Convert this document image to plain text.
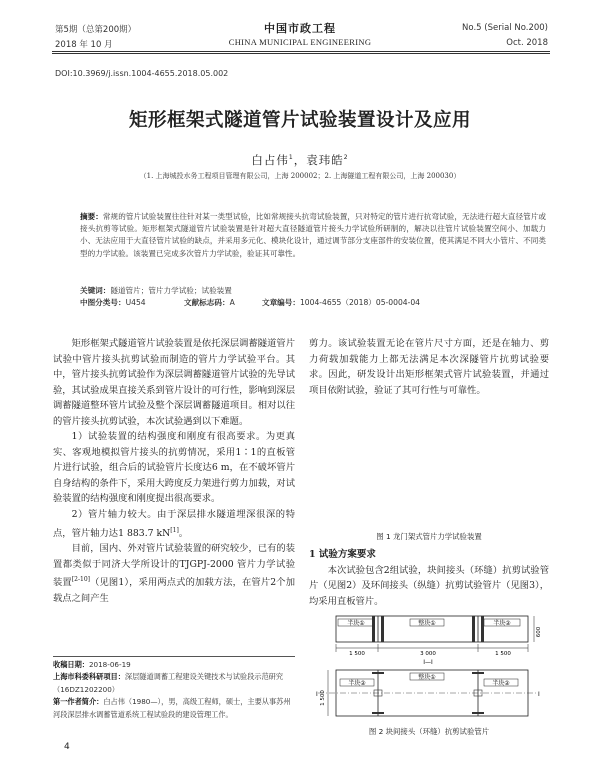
第5期（总第200期）
2018 年 10 月
中国市政工程
CHINA MUNICIPAL ENGINEERING
No.5 (Serial No.200)
Oct. 2018
DOI:10.3969/j.issn.1004-4655.2018.05.002
矩形框架式隧道管片试验装置设计及应用
白占伟$^1$，袁玮皓$^2$
（1. 上海城投水务工程项目管理有限公司，上海 200002；2. 上海隧道工程有限公司，上海 200030）
摘要：常规的管片试验装置往往针对某一类型试验，比如常规接头抗弯试验装置，只对特定的管片进行抗弯试验，无法进行超大直径管片或接头抗剪等试验。矩形框架式隧道管片试验装置是针对超大直径隧道管片接头力学试验所研制的，解决以往管片试验装置空间小、加载力小、无法应用于大直径管片试验的缺点，并采用多元化、模块化设计，通过调节部分支座部件的安装位置，使其满足不同大小管片、不同类型的力学试验。该装置已完成多次管片力学试验，验证其可靠性。
关键词：隧道管片；管片力学试验；试验装置
中图分类号：U454	文献标志码：A	文章编号：1004-4655（2018）05-0004-04

矩形框架式隧道管片试验装置是依托深层调蓄隧道管片试验中管片接头抗剪试验而制造的管片力学试验平台。其中，管片接头抗剪试验作为深层调蓄隧道管片试验的先导试验，其试验成果直接关系到管片设计的可行性，影响到深层调蓄隧道整环管片试验及整个深层调蓄隧道项目。相对以往的管片接头抗剪试验，本次试验遇到以下难题。

1）试验装置的结构强度和刚度有很高要求。为更真实、客观地模拟管片接头的抗剪情况，采用1∶1的直板管片进行试验，组合后的试验管片长度达6 m，在不破坏管片自身结构的条件下，采用大跨度反力架进行剪力加载，对试验装置的结构强度和刚度提出很高要求。

2）管片轴力较大。由于深层排水隧道埋深很深的特点，管片轴力达1 883.7 kN[1]。

目前，国内、外对管片试验装置的研究较少，已有的装置都类似于同济大学所设计的TJGPJ-2000 管片力学试验装置[2-10]（见图1），采用两点式的加载方法，在管片2个加载点之间产生

收稿日期：2018-06-19
上海市科委科研项目：深层隧道调蓄工程建设关键技术与试验段示范研究（16DZ1202200）
第一作者简介：白占伟（1980—），男，高级工程师，硕士，主要从事苏州河段深层排水调蓄管道系统工程试验段的建设管理工作。
4

剪力。该试验装置无论在管片尺寸方面，还是在轴力、剪力荷载加载能力上都无法满足本次深隧管片抗剪试验要求。因此，研发设计出矩形框架式管片试验装置，并通过项目依附试验，验证了其可行性与可靠性。

图 1 龙门架式管片力学试验装置
1 试验方案要求

本次试验包含2组试验，块间接头（环缝）抗剪试验管片（见图2）及环间接头（纵缝）抗剪试验管片（见图3），均采用直板管片。

半块①	整块①	半块②
600
1 500	3 000	1 500
I—I
I	I
半块②
整块①
半块②
1 500
图 2 块间接头（环缝）抗剪试验管片
